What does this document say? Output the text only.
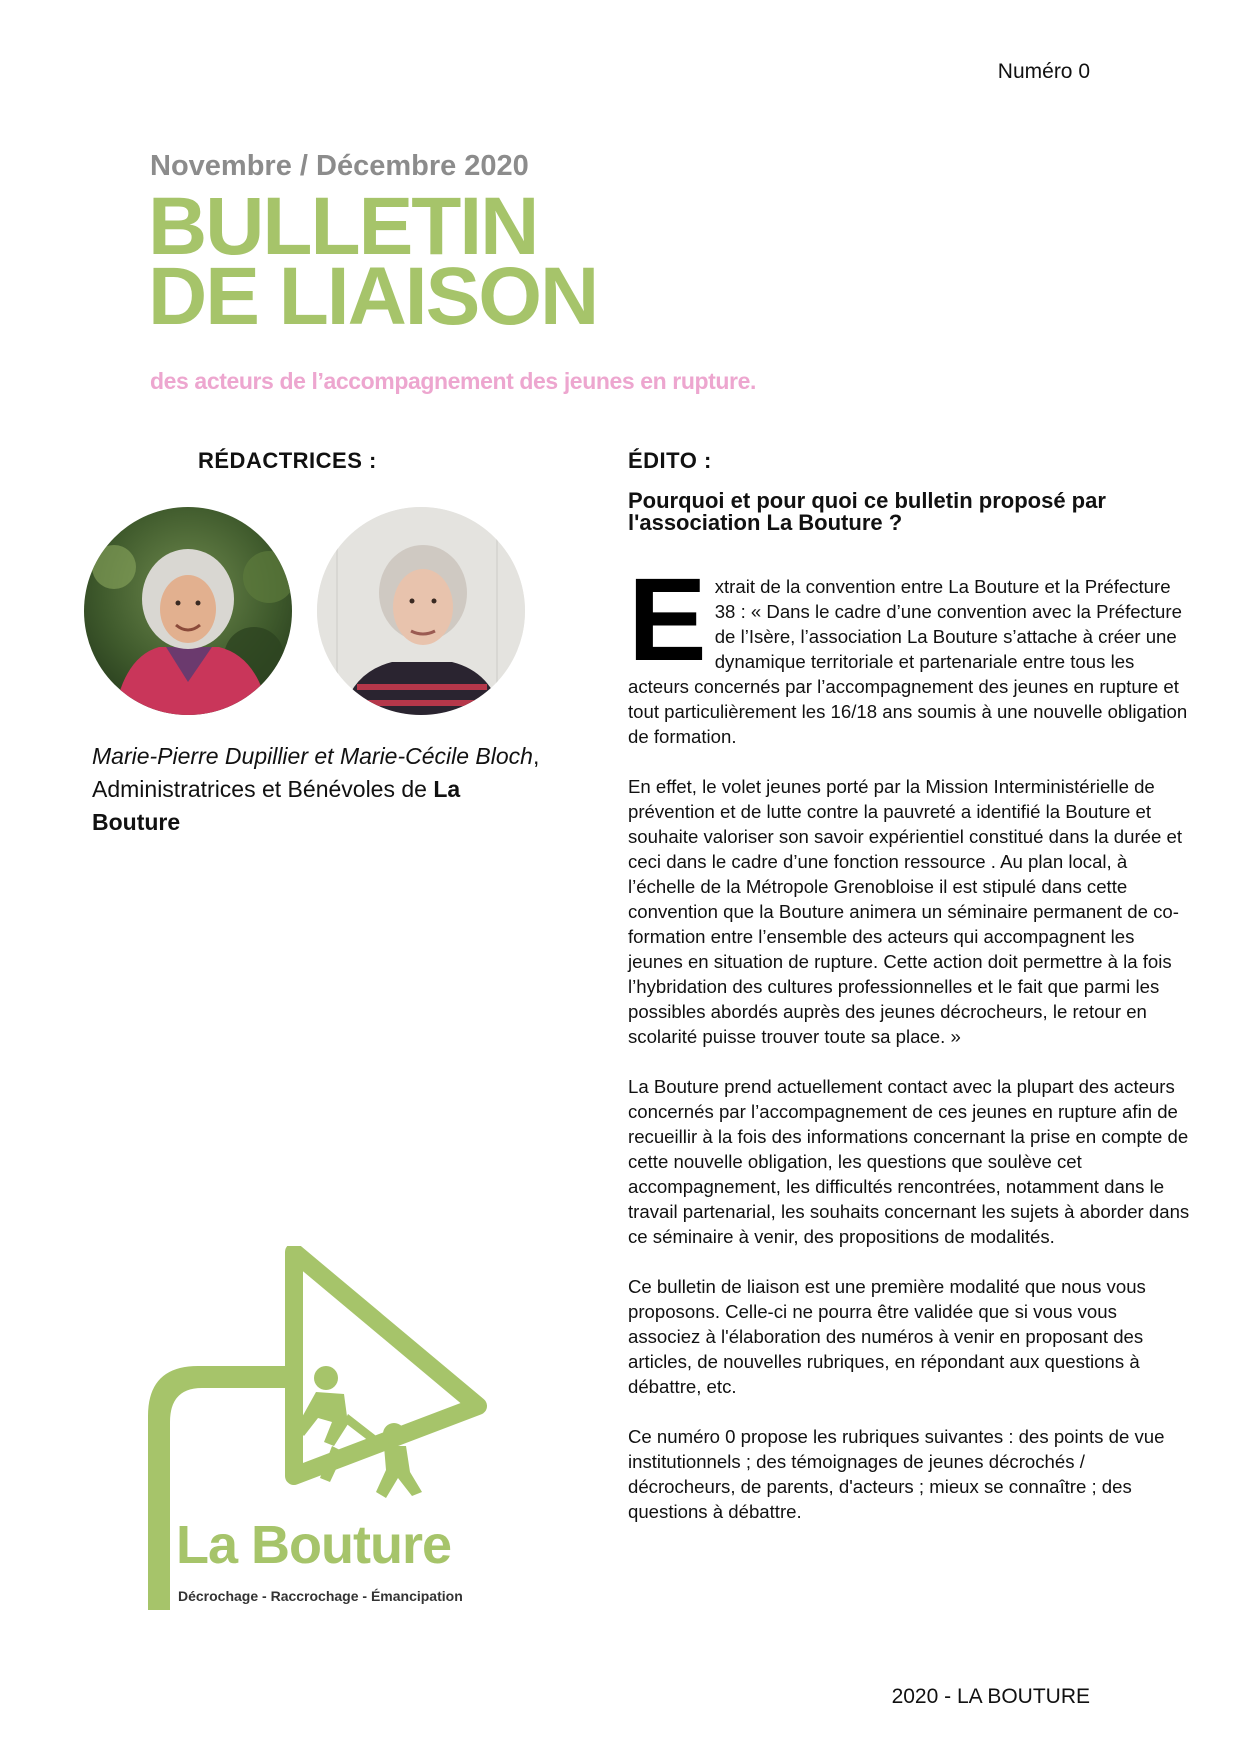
Numéro 0
Novembre / Décembre 2020
BULLETIN
DE LIAISON
des acteurs de l’accompagnement des jeunes en rupture.
RÉDACTRICES :
Marie-Pierre Dupillier et Marie-Cécile Bloch, Administratrices et Bénévoles de La Bouture
ÉDITO :
Pourquoi et pour quoi ce bulletin proposé par l'association La Bouture ?

Extrait de la convention entre La Bouture et la Préfecture 38 : « Dans le cadre d’une convention avec la Préfecture de l’Isère, l’association La Bouture s’attache à créer une dynamique territoriale et partenariale entre tous les acteurs concernés par l’accompagnement des jeunes en rupture et tout particulièrement les 16/18 ans soumis à une nouvelle obligation de formation.

En effet, le volet jeunes porté par la Mission Interministérielle de prévention et de lutte contre la pauvreté a identifié la Bouture et souhaite valoriser son savoir expérientiel constitué dans la durée et ceci dans le cadre d’une fonction ressource . Au plan local, à l’échelle de la Métropole Grenobloise il est stipulé dans cette convention que la Bouture animera un séminaire permanent de co-formation entre l’ensemble des acteurs qui accompagnent les jeunes en situation de rupture. Cette action doit permettre à la fois l’hybridation des cultures professionnelles et le fait que parmi les possibles abordés auprès des jeunes décrocheurs, le retour en scolarité puisse trouver toute sa place. »

La Bouture prend actuellement contact avec la plupart des acteurs concernés par l’accompagnement de ces jeunes en rupture afin de recueillir à la fois des informations concernant la prise en compte de cette nouvelle obligation, les questions que soulève cet accompagnement, les difficultés rencontrées, notamment dans le travail partenarial, les souhaits concernant les sujets à aborder dans ce séminaire à venir, des propositions de modalités.

Ce bulletin de liaison est une première modalité que nous vous proposons. Celle-ci ne pourra être validée que si vous vous associez à l'élaboration des numéros à venir en proposant des articles, de nouvelles rubriques, en répondant aux questions à débattre, etc.

Ce numéro 0 propose les rubriques suivantes : des points de vue institutionnels ; des témoignages de jeunes décrochés / décrocheurs, de parents, d'acteurs ; mieux se connaître ; des questions à débattre.

La Bouture
Décrochage - Raccrochage - Émancipation
2020 - LA BOUTURE
